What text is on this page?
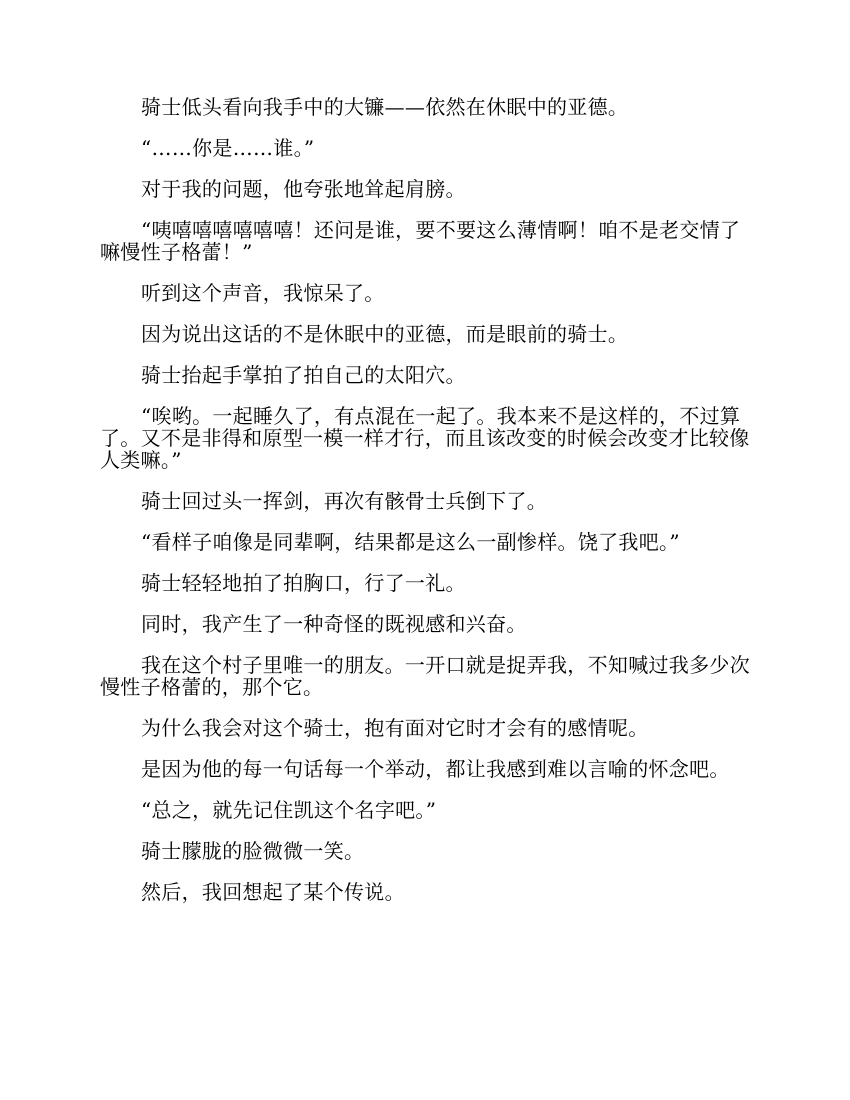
骑士低头看向我手中的大镰——依然在休眠中的亚德。

“……你是……谁。”

对于我的问题，他夸张地耸起肩膀。

“咦嘻嘻嘻嘻嘻嘻！还问是谁，要不要这么薄情啊！咱不是老交情了嘛慢性子格蕾！”

听到这个声音，我惊呆了。

因为说出这话的不是休眠中的亚德，而是眼前的骑士。

骑士抬起手掌拍了拍自己的太阳穴。

“唉哟。一起睡久了，有点混在一起了。我本来不是这样的，不过算了。又不是非得和原型一模一样才行，而且该改变的时候会改变才比较像人类嘛。”

骑士回过头一挥剑，再次有骸骨士兵倒下了。

“看样子咱像是同辈啊，结果都是这么一副惨样。饶了我吧。”

骑士轻轻地拍了拍胸口，行了一礼。

同时，我产生了一种奇怪的既视感和兴奋。

我在这个村子里唯一的朋友。一开口就是捉弄我，不知喊过我多少次慢性子格蕾的，那个它。

为什么我会对这个骑士，抱有面对它时才会有的感情呢。

是因为他的每一句话每一个举动，都让我感到难以言喻的怀念吧。

“总之，就先记住凯这个名字吧。”

骑士朦胧的脸微微一笑。

然后，我回想起了某个传说。
